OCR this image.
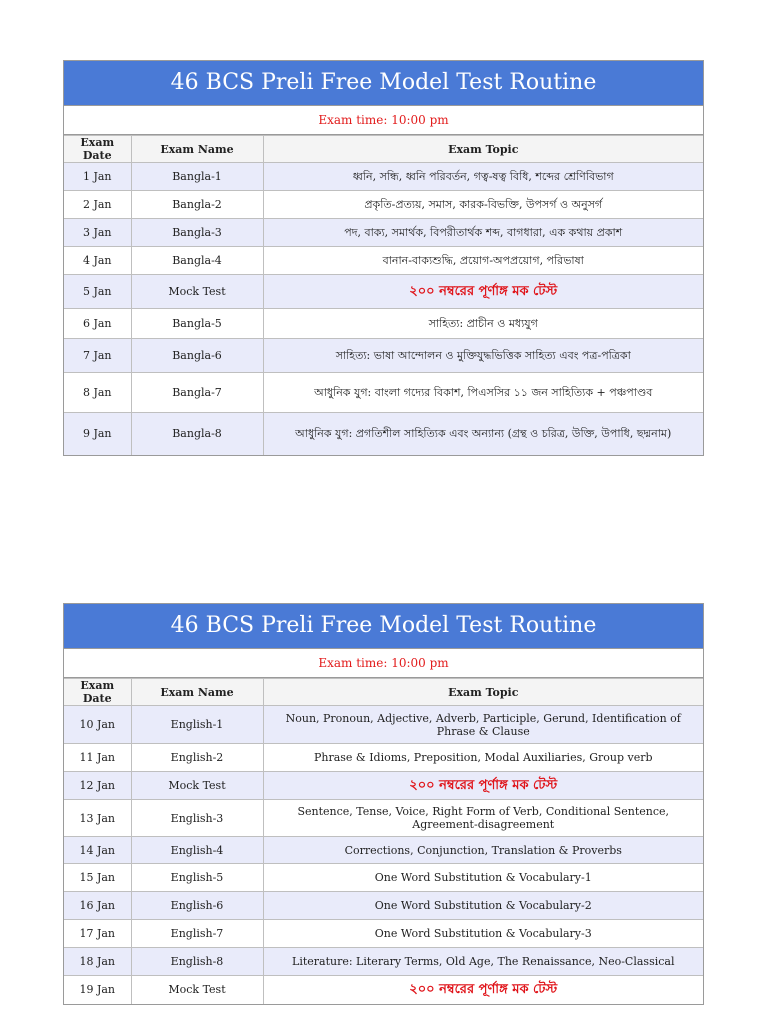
46 BCS Preli Free Model Test Routine
Exam time: 10:00 pm
Exam Date	Exam Name	Exam Topic
1 Jan	Bangla-1	ধ্বনি, সন্ধি, ধ্বনি পরিবর্তন, গত্ব-ষত্ব বিধি, শব্দের শ্রেণিবিভাগ
2 Jan	Bangla-2	প্রকৃতি-প্রত্যয়, সমাস, কারক-বিভক্তি, উপসর্গ ও অনুসর্গ
3 Jan	Bangla-3	পদ, বাক্য, সমার্থক, বিপরীতার্থক শব্দ, বাগধারা, এক কথায় প্রকাশ
4 Jan	Bangla-4	বানান-বাক্যশুদ্ধি, প্রয়োগ-অপপ্রয়োগ, পরিভাষা
5 Jan	Mock Test	২০০ নম্বরের পূর্ণাঙ্গ মক টেস্ট
6 Jan	Bangla-5	সাহিত্য: প্রাচীন ও মধ্যযুগ
7 Jan	Bangla-6	সাহিত্য: ভাষা আন্দোলন ও মুক্তিযুদ্ধভিত্তিক সাহিত্য এবং পত্র-পত্রিকা
8 Jan	Bangla-7	আধুনিক যুগ: বাংলা গদ্যের বিকাশ, পিএসসির ১১ জন সাহিত্যিক + পঞ্চপাণ্ডব
9 Jan	Bangla-8	আধুনিক যুগ: প্রগতিশীল সাহিত্যিক এবং অন্যান্য (গ্রন্থ ও চরিত্র, উক্তি, উপাধি, ছদ্মনাম)
46 BCS Preli Free Model Test Routine
Exam time: 10:00 pm
Exam Date	Exam Name	Exam Topic
10 Jan	English-1	Noun, Pronoun, Adjective, Adverb, Participle, Gerund, Identification of Phrase & Clause
11 Jan	English-2	Phrase & Idioms, Preposition, Modal Auxiliaries, Group verb
12 Jan	Mock Test	২০০ নম্বরের পূর্ণাঙ্গ মক টেস্ট
13 Jan	English-3	Sentence, Tense, Voice, Right Form of Verb, Conditional Sentence, Agreement-disagreement
14 Jan	English-4	Corrections, Conjunction, Translation & Proverbs
15 Jan	English-5	One Word Substitution & Vocabulary-1
16 Jan	English-6	One Word Substitution & Vocabulary-2
17 Jan	English-7	One Word Substitution & Vocabulary-3
18 Jan	English-8	Literature: Literary Terms, Old Age, The Renaissance, Neo-Classical
19 Jan	Mock Test	২০০ নম্বরের পূর্ণাঙ্গ মক টেস্ট
